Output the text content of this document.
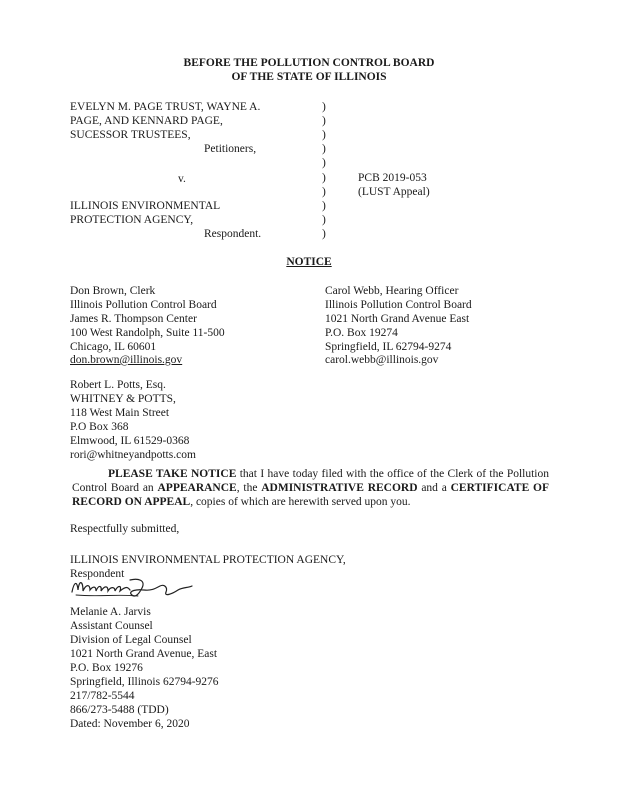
BEFORE THE POLLUTION CONTROL BOARD
OF THE STATE OF ILLINOIS
EVELYN M. PAGE TRUST, WAYNE A.
PAGE, AND KENNARD PAGE,
SUCESSOR TRUSTEES,
Petitioners,
v.
ILLINOIS ENVIRONMENTAL
PROTECTION AGENCY,
Respondent.
)
)
)
)
)
)
)
)
)
)
PCB 2019-053
(LUST Appeal)
NOTICE
Don Brown, Clerk
Illinois Pollution Control Board
James R. Thompson Center
100 West Randolph, Suite 11-500
Chicago, IL 60601
don.brown@illinois.gov
Carol Webb, Hearing Officer
Illinois Pollution Control Board
1021 North Grand Avenue East
P.O. Box 19274
Springfield, IL 62794-9274
carol.webb@illinois.gov
Robert L. Potts, Esq.
WHITNEY & POTTS,
118 West Main Street
P.O Box 368
Elmwood, IL 61529-0368
rori@whitneyandpotts.com
PLEASE TAKE NOTICE that I have today filed with the office of the Clerk of the Pollution Control Board an APPEARANCE, the ADMINISTRATIVE RECORD and a CERTIFICATE OF RECORD ON APPEAL, copies of which are herewith served upon you.
Respectfully submitted,
ILLINOIS ENVIRONMENTAL PROTECTION AGENCY,
Respondent
Melanie A. Jarvis
Assistant Counsel
Division of Legal Counsel
1021 North Grand Avenue, East
P.O. Box 19276
Springfield, Illinois 62794-9276
217/782-5544
866/273-5488 (TDD)
Dated: November 6, 2020
